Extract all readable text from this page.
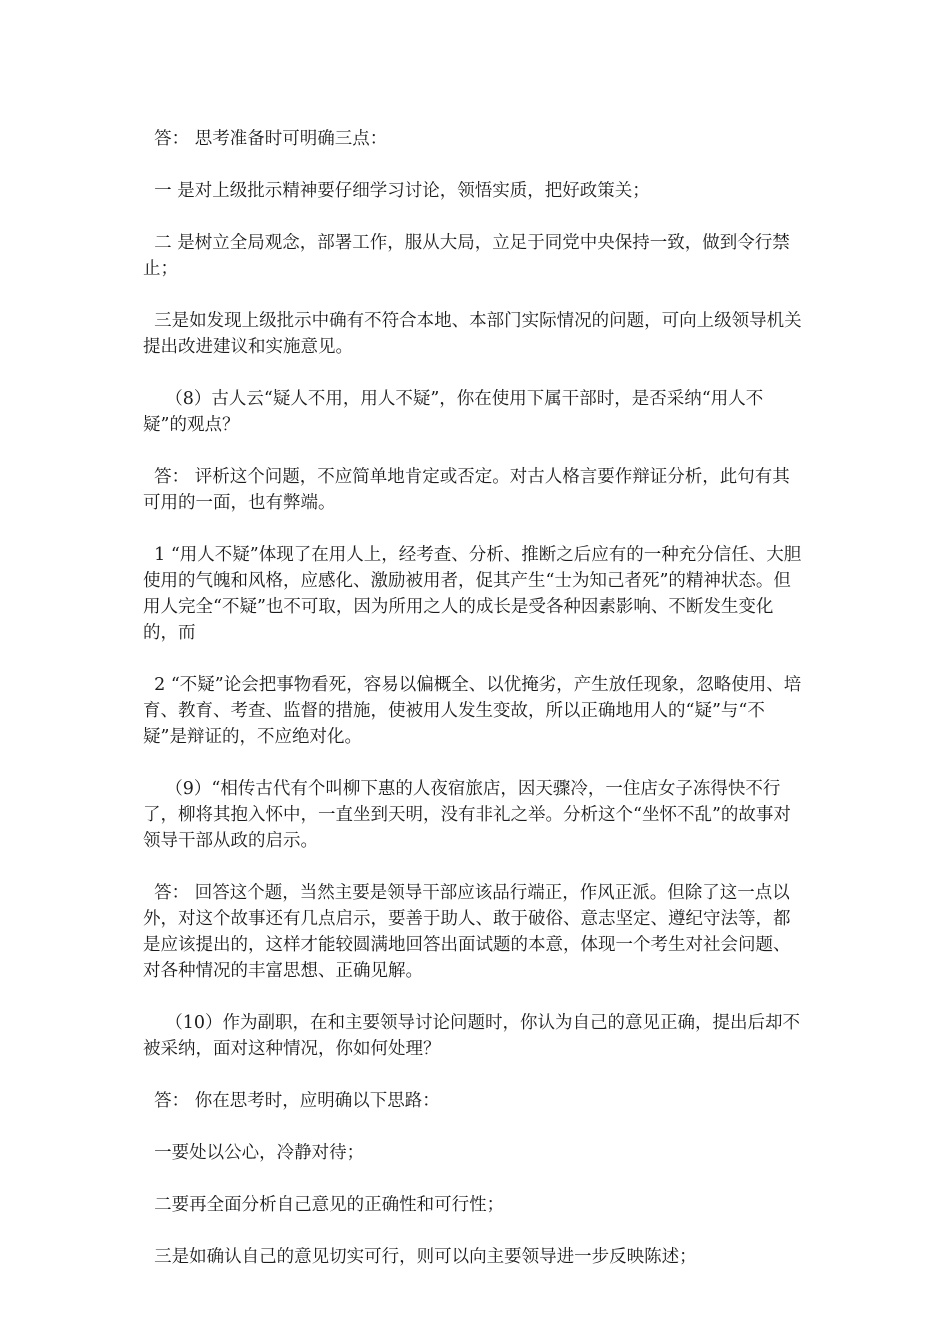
答： 思考准备时可明确三点：

一 是对上级批示精神要仔细学习讨论，领悟实质，把好政策关；

二 是树立全局观念，部署工作，服从大局，立足于同党中央保持一致，做到令行禁止；

三是如发现上级批示中确有不符合本地、本部门实际情况的问题，可向上级领导机关提出改进建议和实施意见。

（8）古人云“疑人不用，用人不疑”，你在使用下属干部时，是否采纳“用人不疑”的观点？

答： 评析这个问题，不应简单地肯定或否定。对古人格言要作辩证分析，此句有其可用的一面，也有弊端。

1 “用人不疑”体现了在用人上，经考查、分析、推断之后应有的一种充分信任、大胆使用的气魄和风格，应感化、激励被用者，促其产生“士为知己者死”的精神状态。但用人完全“不疑”也不可取，因为所用之人的成长是受各种因素影响、不断发生变化的，而

2 “不疑”论会把事物看死，容易以偏概全、以优掩劣，产生放任现象，忽略使用、培育、教育、考查、监督的措施，使被用人发生变故，所以正确地用人的“疑”与“不疑”是辩证的，不应绝对化。

（9）“相传古代有个叫柳下惠的人夜宿旅店，因天骤冷，一住店女子冻得快不行了，柳将其抱入怀中，一直坐到天明，没有非礼之举。分析这个“坐怀不乱”的故事对领导干部从政的启示。

答： 回答这个题，当然主要是领导干部应该品行端正，作风正派。但除了这一点以外，对这个故事还有几点启示，要善于助人、敢于破俗、意志坚定、遵纪守法等，都是应该提出的，这样才能较圆满地回答出面试题的本意，体现一个考生对社会问题、对各种情况的丰富思想、正确见解。

（10）作为副职，在和主要领导讨论问题时，你认为自己的意见正确，提出后却不被采纳，面对这种情况，你如何处理？

答： 你在思考时，应明确以下思路：

一要处以公心，冷静对待；

二要再全面分析自己意见的正确性和可行性；

三是如确认自己的意见切实可行，则可以向主要领导进一步反映陈述；
